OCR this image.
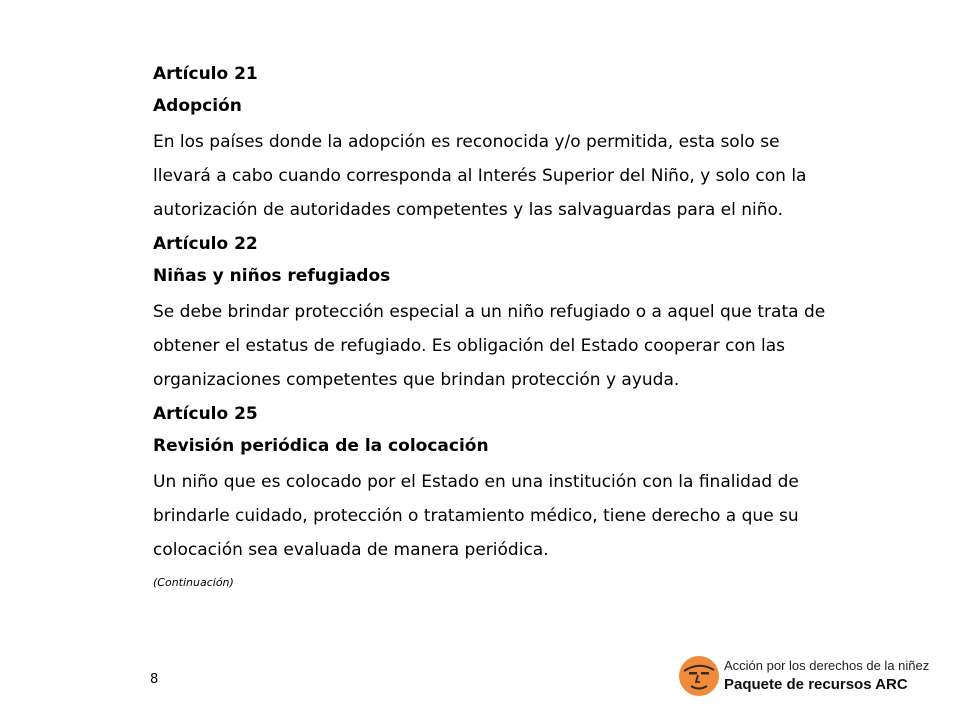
Artículo 21
Adopción
En los países donde la adopción es reconocida y/o permitida, esta solo se
llevará a cabo cuando corresponda al Interés Superior del Niño, y solo con la
autorización de autoridades competentes y las salvaguardas para el niño.
Artículo 22
Niñas y niños refugiados
Se debe brindar protección especial a un niño refugiado o a aquel que trata de
obtener el estatus de refugiado. Es obligación del Estado cooperar con las
organizaciones competentes que brindan protección y ayuda.
Artículo 25
Revisión periódica de la colocación
Un niño que es colocado por el Estado en una institución con la finalidad de
brindarle cuidado, protección o tratamiento médico, tiene derecho a que su
colocación sea evaluada de manera periódica.
(Continuación)
8
Acción por los derechos de la niñez
Paquete de recursos ARC
